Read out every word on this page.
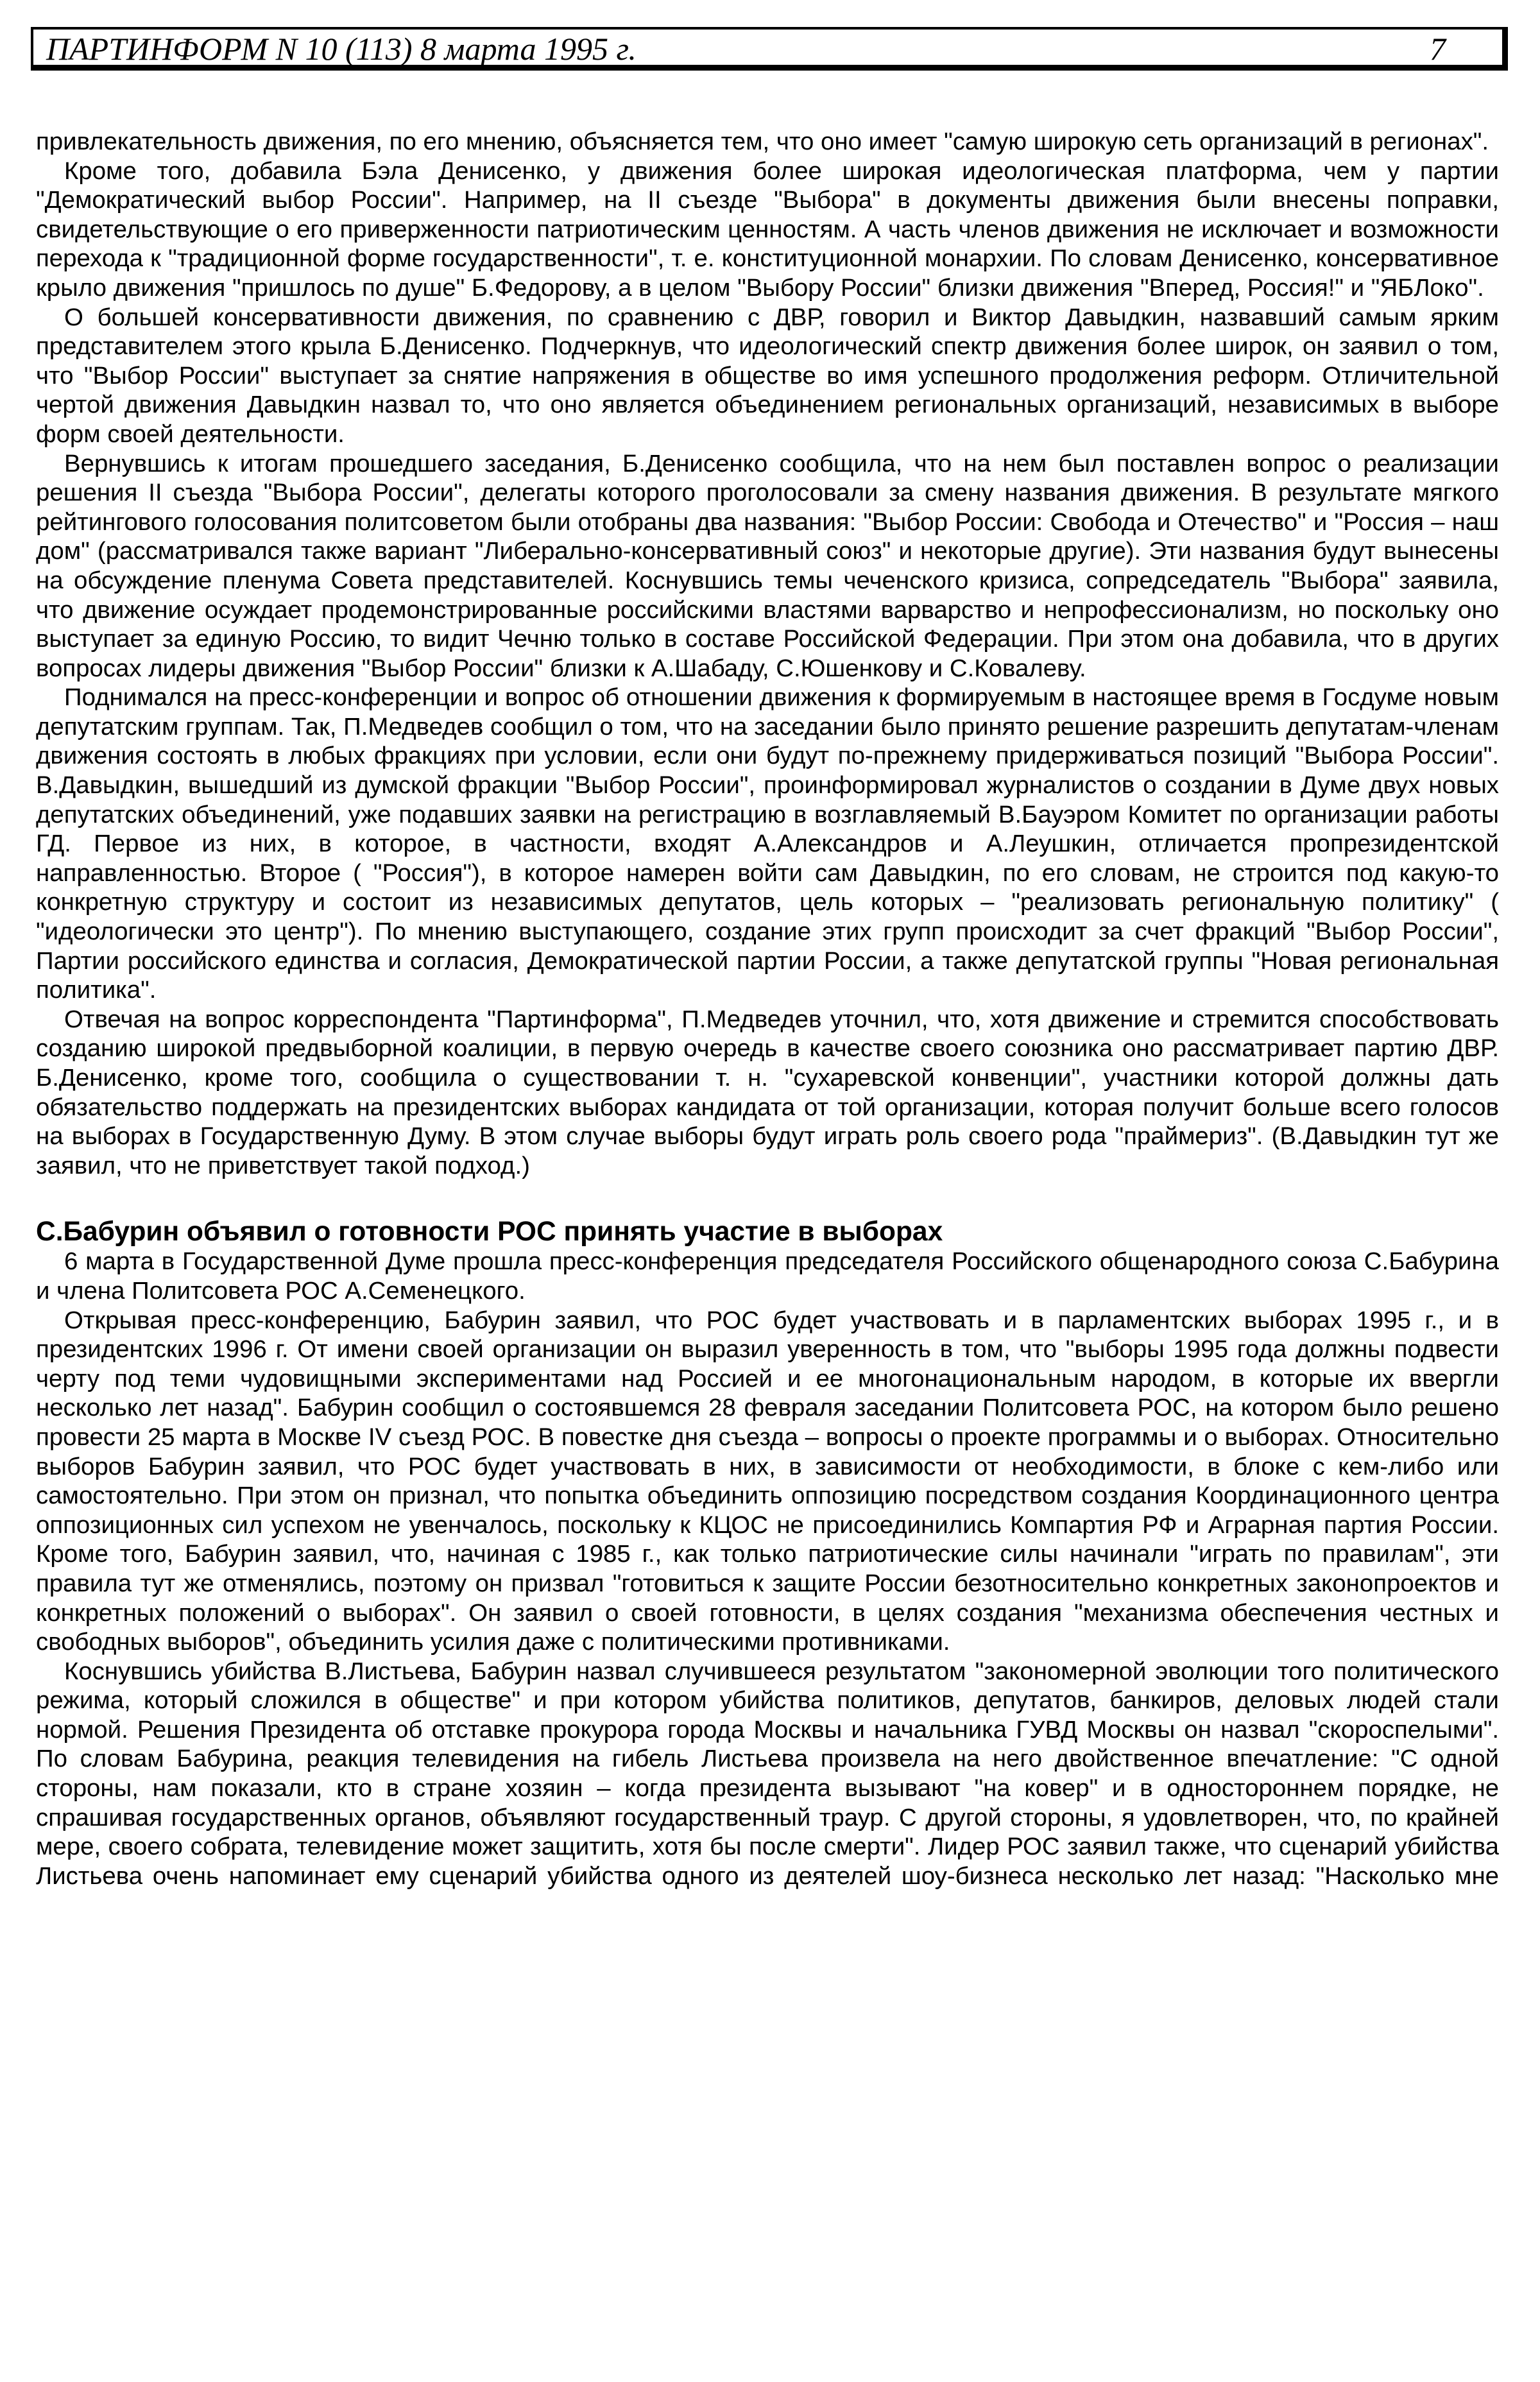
ПАРТИНФОРМ N 10 (113) 8 марта 1995 г.	7

привлекательность движения, по его мнению, объясняется тем, что оно имеет "самую широкую сеть организаций в регионах".

Кроме того, добавила Бэла Денисенко, у движения более широкая идеологическая платформа, чем у партии "Демократический выбор России". Например, на II съезде "Выбора" в документы движения были внесены поправки, свидетельствующие о его приверженности патриотическим ценностям. А часть членов движения не исключает и возможности перехода к "традиционной форме государственности", т. е. конституционной монархии. По словам Денисенко, консервативное крыло движения "пришлось по душе" Б.Федорову, а в целом "Выбору России" близки движения "Вперед, Россия!" и "ЯБЛоко".

О большей консервативности движения, по сравнению с ДВР, говорил и Виктор Давыдкин, назвавший самым ярким представителем этого крыла Б.Денисенко. Подчеркнув, что идеологический спектр движения более широк, он заявил о том, что "Выбор России" выступает за снятие напряжения в обществе во имя успешного продолжения реформ. Отличительной чертой движения Давыдкин назвал то, что оно является объединением региональных организаций, независимых в выборе форм своей деятельности.

Вернувшись к итогам прошедшего заседания, Б.Денисенко сообщила, что на нем был поставлен вопрос о реализации решения II съезда "Выбора России", делегаты которого проголосовали за смену названия движения. В результате мягкого рейтингового голосования политсоветом были отобраны два названия: "Выбор России: Свобода и Отечество" и "Россия – наш дом" (рассматривался также вариант "Либерально-консервативный союз" и некоторые другие). Эти названия будут вынесены на обсуждение пленума Совета представителей. Коснувшись темы чеченского кризиса, сопредседатель "Выбора" заявила, что движение осуждает продемонстрированные российскими властями варварство и непрофессионализм, но поскольку оно выступает за единую Россию, то видит Чечню только в составе Российской Федерации. При этом она добавила, что в других вопросах лидеры движения "Выбор России" близки к А.Шабаду, С.Юшенкову и С.Ковалеву.

Поднимался на пресс-конференции и вопрос об отношении движения к формируемым в настоящее время в Госдуме новым депутатским группам. Так, П.Медведев сообщил о том, что на заседании было принято решение разрешить депутатам-членам движения состоять в любых фракциях при условии, если они будут по-прежнему придерживаться позиций "Выбора России". В.Давыдкин, вышедший из думской фракции "Выбор России", проинформировал журналистов о создании в Думе двух новых депутатских объединений, уже подавших заявки на регистрацию в возглавляемый В.Бауэром Комитет по организации работы ГД. Первое из них, в которое, в частности, входят А.Александров и А.Леушкин, отличается пропрезидентской направленностью. Второе ( "Россия"), в которое намерен войти сам Давыдкин, по его словам, не строится под какую-то конкретную структуру и состоит из независимых депутатов, цель которых – "реализовать региональную политику" ( "идеологически это центр"). По мнению выступающего, создание этих групп происходит за счет фракций "Выбор России", Партии российского единства и согласия, Демократической партии России, а также депутатской группы "Новая региональная политика".

Отвечая на вопрос корреспондента "Партинформа", П.Медведев уточнил, что, хотя движение и стремится способствовать созданию широкой предвыборной коалиции, в первую очередь в качестве своего союзника оно рассматривает партию ДВР. Б.Денисенко, кроме того, сообщила о существовании т. н. "сухаревской конвенции", участники которой должны дать обязательство поддержать на президентских выборах кандидата от той организации, которая получит больше всего голосов на выборах в Государственную Думу. В этом случае выборы будут играть роль своего рода "праймериз". (В.Давыдкин тут же заявил, что не приветствует такой подход.)

С.Бабурин объявил о готовности РОС принять участие в выборах

6 марта в Государственной Думе прошла пресс-конференция председателя Российского общенародного союза С.Бабурина и члена Политсовета РОС А.Семенецкого.

Открывая пресс-конференцию, Бабурин заявил, что РОС будет участвовать и в парламентских выборах 1995 г., и в президентских 1996 г. От имени своей организации он выразил уверенность в том, что "выборы 1995 года должны подвести черту под теми чудовищными экспериментами над Россией и ее многонациональным народом, в которые их ввергли несколько лет назад". Бабурин сообщил о состоявшемся 28 февраля заседании Политсовета РОС, на котором было решено провести 25 марта в Москве IV съезд РОС. В повестке дня съезда – вопросы о проекте программы и о выборах. Относительно выборов Бабурин заявил, что РОС будет участвовать в них, в зависимости от необходимости, в блоке с кем-либо или самостоятельно. При этом он признал, что попытка объединить оппозицию посредством создания Координационного центра оппозиционных сил успехом не увенчалось, поскольку к КЦОС не присоединились Компартия РФ и Аграрная партия России. Кроме того, Бабурин заявил, что, начиная с 1985 г., как только патриотические силы начинали "играть по правилам", эти правила тут же отменялись, поэтому он призвал "готовиться к защите России безотносительно конкретных законопроектов и конкретных положений о выборах". Он заявил о своей готовности, в целях создания "механизма обеспечения честных и свободных выборов", объединить усилия даже с политическими противниками.

Коснувшись убийства В.Листьева, Бабурин назвал случившееся результатом "закономерной эволюции того политического режима, который сложился в обществе" и при котором убийства политиков, депутатов, банкиров, деловых людей стали нормой. Решения Президента об отставке прокурора города Москвы и начальника ГУВД Москвы он назвал "скороспелыми". По словам Бабурина, реакция телевидения на гибель Листьева произвела на него двойственное впечатление: "С одной стороны, нам показали, кто в стране хозяин – когда президента вызывают "на ковер" и в одностороннем порядке, не спрашивая государственных органов, объявляют государственный траур. С другой стороны, я удовлетворен, что, по крайней мере, своего собрата, телевидение может защитить, хотя бы после смерти". Лидер РОС заявил также, что сценарий убийства Листьева очень напоминает ему сценарий убийства одного из деятелей шоу-бизнеса несколько лет назад: "Насколько мне
